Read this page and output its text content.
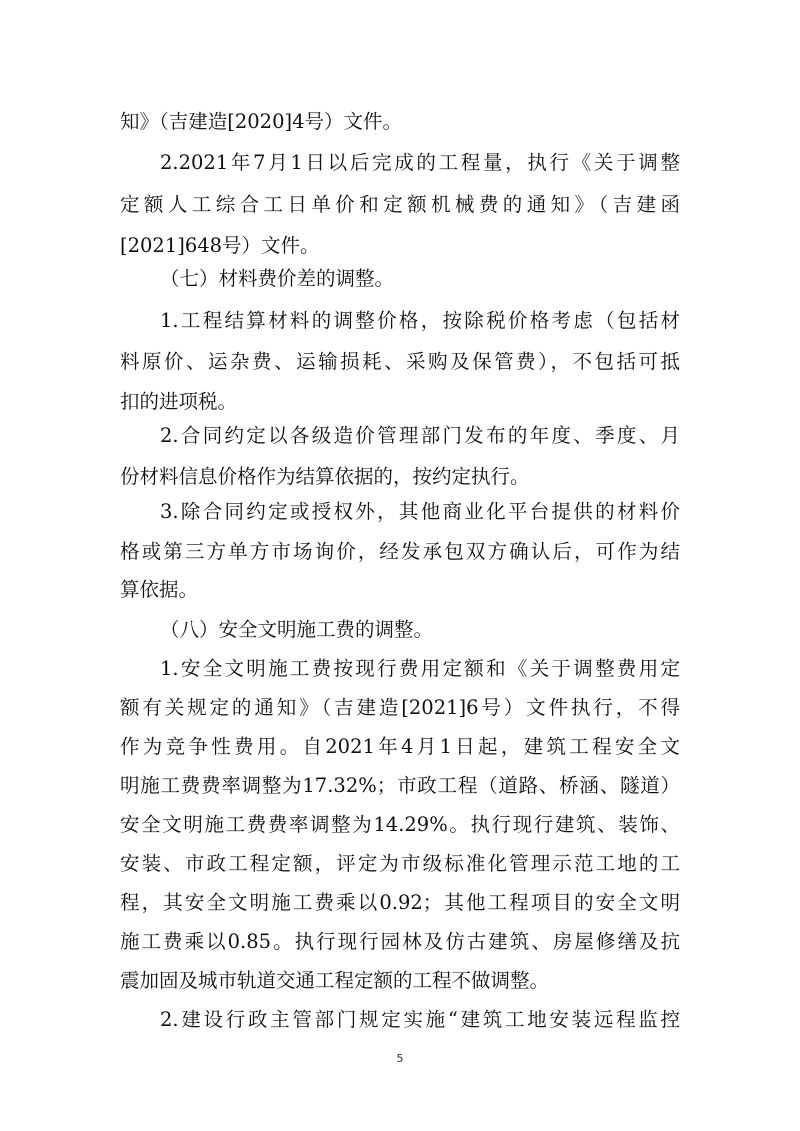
知》（吉建造[2020]4号）文件。
2.2021年7月1日以后完成的工程量，执行《关于调整
定额人工综合工日单价和定额机械费的通知》（吉建函
[2021]648号）文件。
（七）材料费价差的调整。
1.工程结算材料的调整价格，按除税价格考虑（包括材
料原价、运杂费、运输损耗、采购及保管费），不包括可抵
扣的进项税。
2.合同约定以各级造价管理部门发布的年度、季度、月
份材料信息价格作为结算依据的，按约定执行。
3.除合同约定或授权外，其他商业化平台提供的材料价
格或第三方单方市场询价，经发承包双方确认后，可作为结
算依据。
（八）安全文明施工费的调整。
1.安全文明施工费按现行费用定额和《关于调整费用定
额有关规定的通知》（吉建造[2021]6号）文件执行，不得
作为竞争性费用。自2021年4月1日起，建筑工程安全文
明施工费费率调整为17.32%；市政工程（道路、桥涵、隧道）
安全文明施工费费率调整为14.29%。执行现行建筑、装饰、
安装、市政工程定额，评定为市级标准化管理示范工地的工
程，其安全文明施工费乘以0.92；其他工程项目的安全文明
施工费乘以0.85。执行现行园林及仿古建筑、房屋修缮及抗
震加固及城市轨道交通工程定额的工程不做调整。
2.建设行政主管部门规定实施“建筑工地安装远程监控
5
